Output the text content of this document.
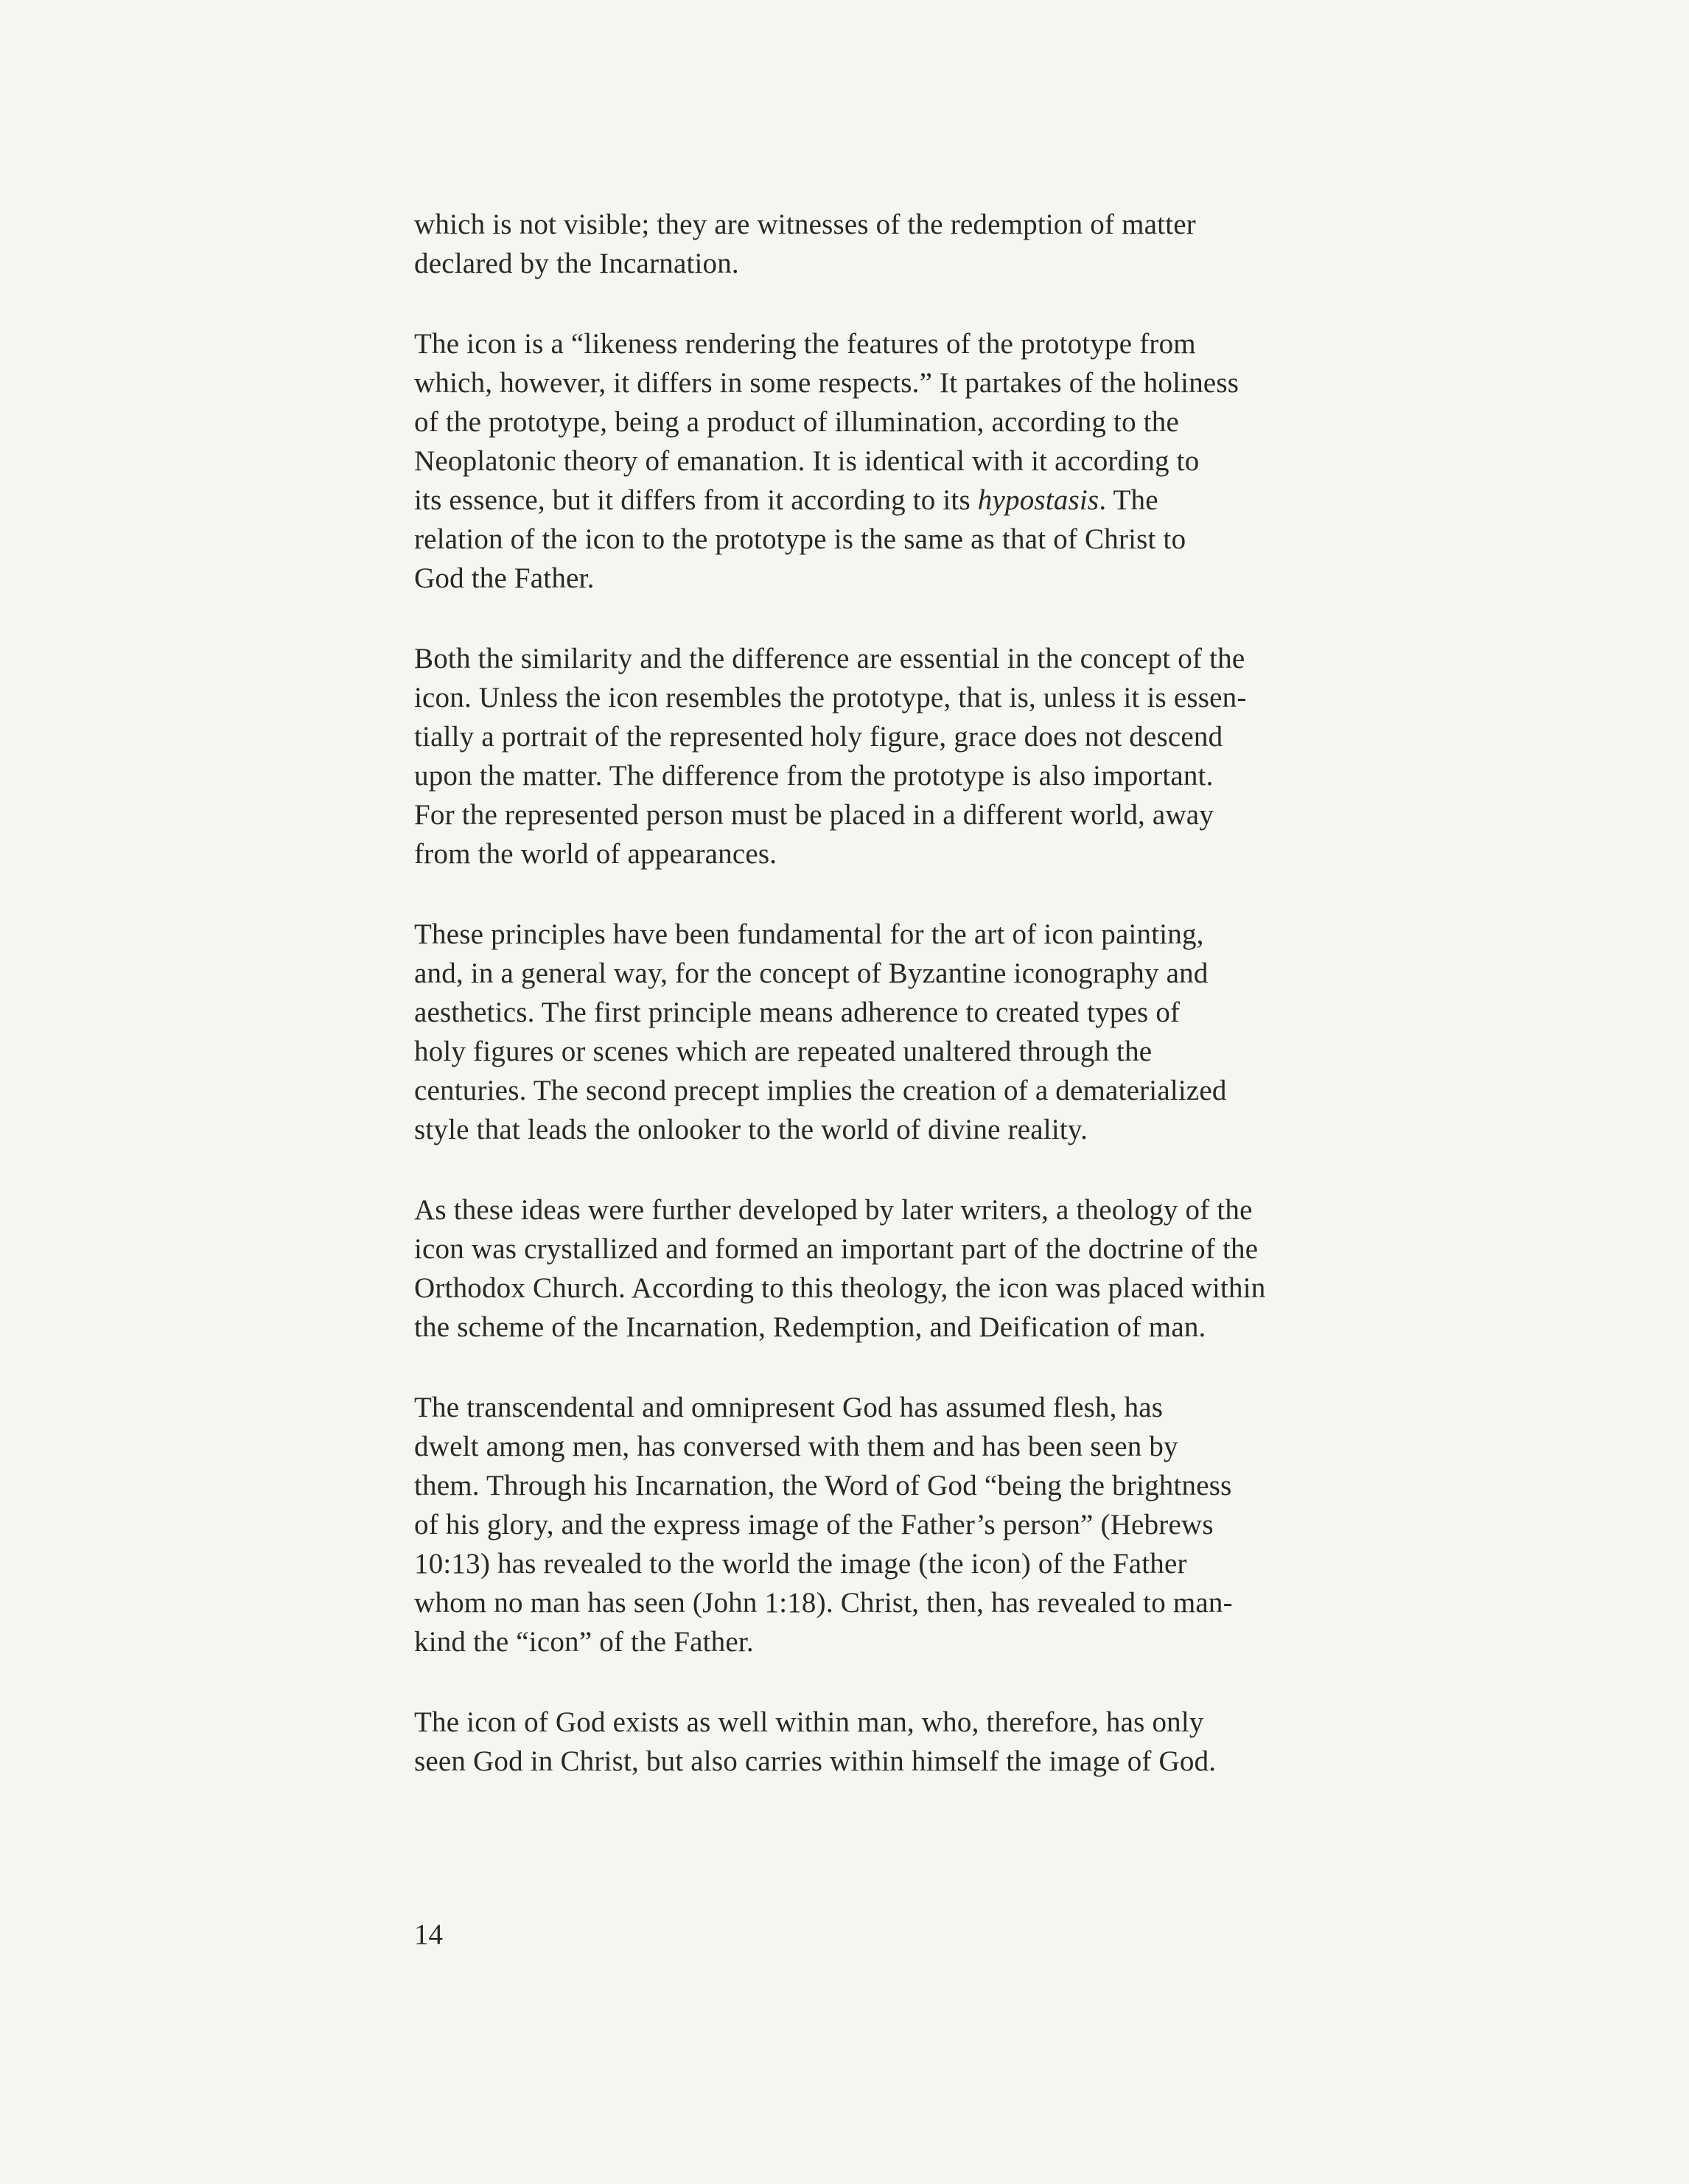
which is not visible; they are witnesses of the redemption of matter
declared by the Incarnation.

The icon is a “likeness rendering the features of the prototype from
which, however, it differs in some respects.” It partakes of the holiness
of the prototype, being a product of illumination, according to the
Neoplatonic theory of emanation. It is identical with it according to
its essence, but it differs from it according to its hypostasis. The
relation of the icon to the prototype is the same as that of Christ to
God the Father.

Both the similarity and the difference are essential in the concept of the
icon. Unless the icon resembles the prototype, that is, unless it is essen-
tially a portrait of the represented holy figure, grace does not descend
upon the matter. The difference from the prototype is also important.
For the represented person must be placed in a different world, away
from the world of appearances.

These principles have been fundamental for the art of icon painting,
and, in a general way, for the concept of Byzantine iconography and
aesthetics. The first principle means adherence to created types of
holy figures or scenes which are repeated unaltered through the
centuries. The second precept implies the creation of a dematerialized
style that leads the onlooker to the world of divine reality.

As these ideas were further developed by later writers, a theology of the
icon was crystallized and formed an important part of the doctrine of the
Orthodox Church. According to this theology, the icon was placed within
the scheme of the Incarnation, Redemption, and Deification of man.

The transcendental and omnipresent God has assumed flesh, has
dwelt among men, has conversed with them and has been seen by
them. Through his Incarnation, the Word of God “being the brightness
of his glory, and the express image of the Father’s person” (Hebrews
10:13) has revealed to the world the image (the icon) of the Father
whom no man has seen (John 1:18). Christ, then, has revealed to man-
kind the “icon” of the Father.

The icon of God exists as well within man, who, therefore, has only
seen God in Christ, but also carries within himself the image of God.

14
